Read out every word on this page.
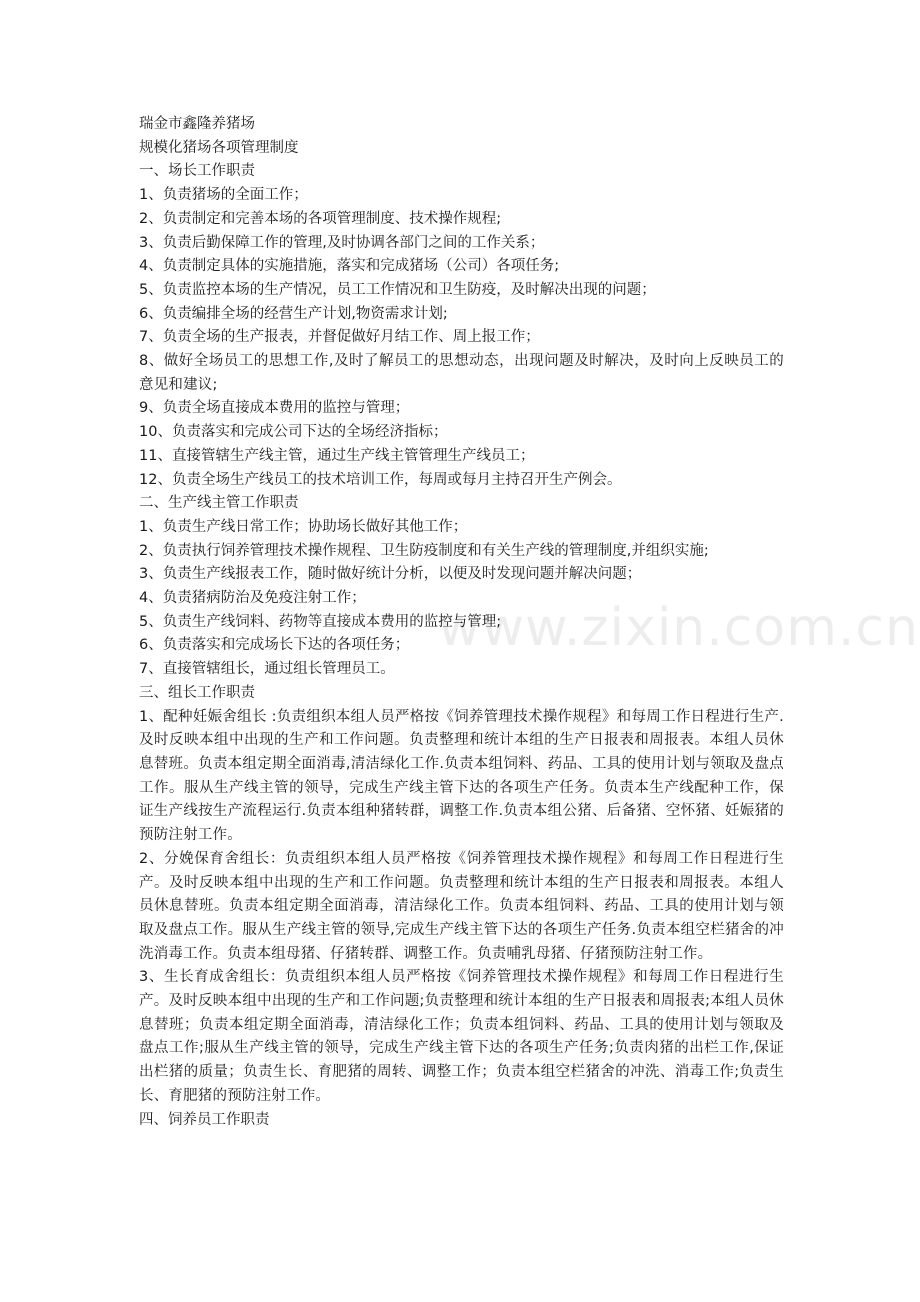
瑞金市鑫隆养猪场

规模化猪场各项管理制度

一、场长工作职责

1、负责猪场的全面工作；

2、负责制定和完善本场的各项管理制度、技术操作规程;

3、负责后勤保障工作的管理,及时协调各部门之间的工作关系；

4、负责制定具体的实施措施，落实和完成猪场（公司）各项任务;

5、负责监控本场的生产情况，员工工作情况和卫生防疫，及时解决出现的问题；

6、负责编排全场的经营生产计划,物资需求计划;

7、负责全场的生产报表，并督促做好月结工作、周上报工作；

8、做好全场员工的思想工作,及时了解员工的思想动态，出现问题及时解决，及时向上反映员工的意见和建议;

9、负责全场直接成本费用的监控与管理；

10、负责落实和完成公司下达的全场经济指标；

11、直接管辖生产线主管，通过生产线主管管理生产线员工；

12、负责全场生产线员工的技术培训工作，每周或每月主持召开生产例会。

二、生产线主管工作职责

1、负责生产线日常工作；协助场长做好其他工作；

2、负责执行饲养管理技术操作规程、卫生防疫制度和有关生产线的管理制度,并组织实施;

3、负责生产线报表工作，随时做好统计分析，以便及时发现问题并解决问题；

4、负责猪病防治及免疫注射工作；

5、负责生产线饲料、药物等直接成本费用的监控与管理;

6、负责落实和完成场长下达的各项任务；

7、直接管辖组长，通过组长管理员工。

三、组长工作职责

1、配种妊娠舍组长 :负责组织本组人员严格按《饲养管理技术操作规程》和每周工作日程进行生产.及时反映本组中出现的生产和工作问题。负责整理和统计本组的生产日报表和周报表。本组人员休息替班。负责本组定期全面消毒,清洁绿化工作.负责本组饲料、药品、工具的使用计划与领取及盘点工作。服从生产线主管的领导，完成生产线主管下达的各项生产任务。负责本生产线配种工作，保证生产线按生产流程运行.负责本组种猪转群，调整工作.负责本组公猪、后备猪、空怀猪、妊娠猪的预防注射工作。

2、分娩保育舍组长：负责组织本组人员严格按《饲养管理技术操作规程》和每周工作日程进行生产。及时反映本组中出现的生产和工作问题。负责整理和统计本组的生产日报表和周报表。本组人员休息替班。负责本组定期全面消毒，清洁绿化工作。负责本组饲料、药品、工具的使用计划与领取及盘点工作。服从生产线主管的领导,完成生产线主管下达的各项生产任务.负责本组空栏猪舍的冲洗消毒工作。负责本组母猪、仔猪转群、调整工作。负责哺乳母猪、仔猪预防注射工作。

3、生长育成舍组长：负责组织本组人员严格按《饲养管理技术操作规程》和每周工作日程进行生产。及时反映本组中出现的生产和工作问题;负责整理和统计本组的生产日报表和周报表;本组人员休息替班；负责本组定期全面消毒，清洁绿化工作；负责本组饲料、药品、工具的使用计划与领取及盘点工作;服从生产线主管的领导，完成生产线主管下达的各项生产任务;负责肉猪的出栏工作,保证出栏猪的质量；负责生长、育肥猪的周转、调整工作；负责本组空栏猪舍的冲洗、消毒工作;负责生长、育肥猪的预防注射工作。

四、饲养员工作职责

www.zixin.com.cn
